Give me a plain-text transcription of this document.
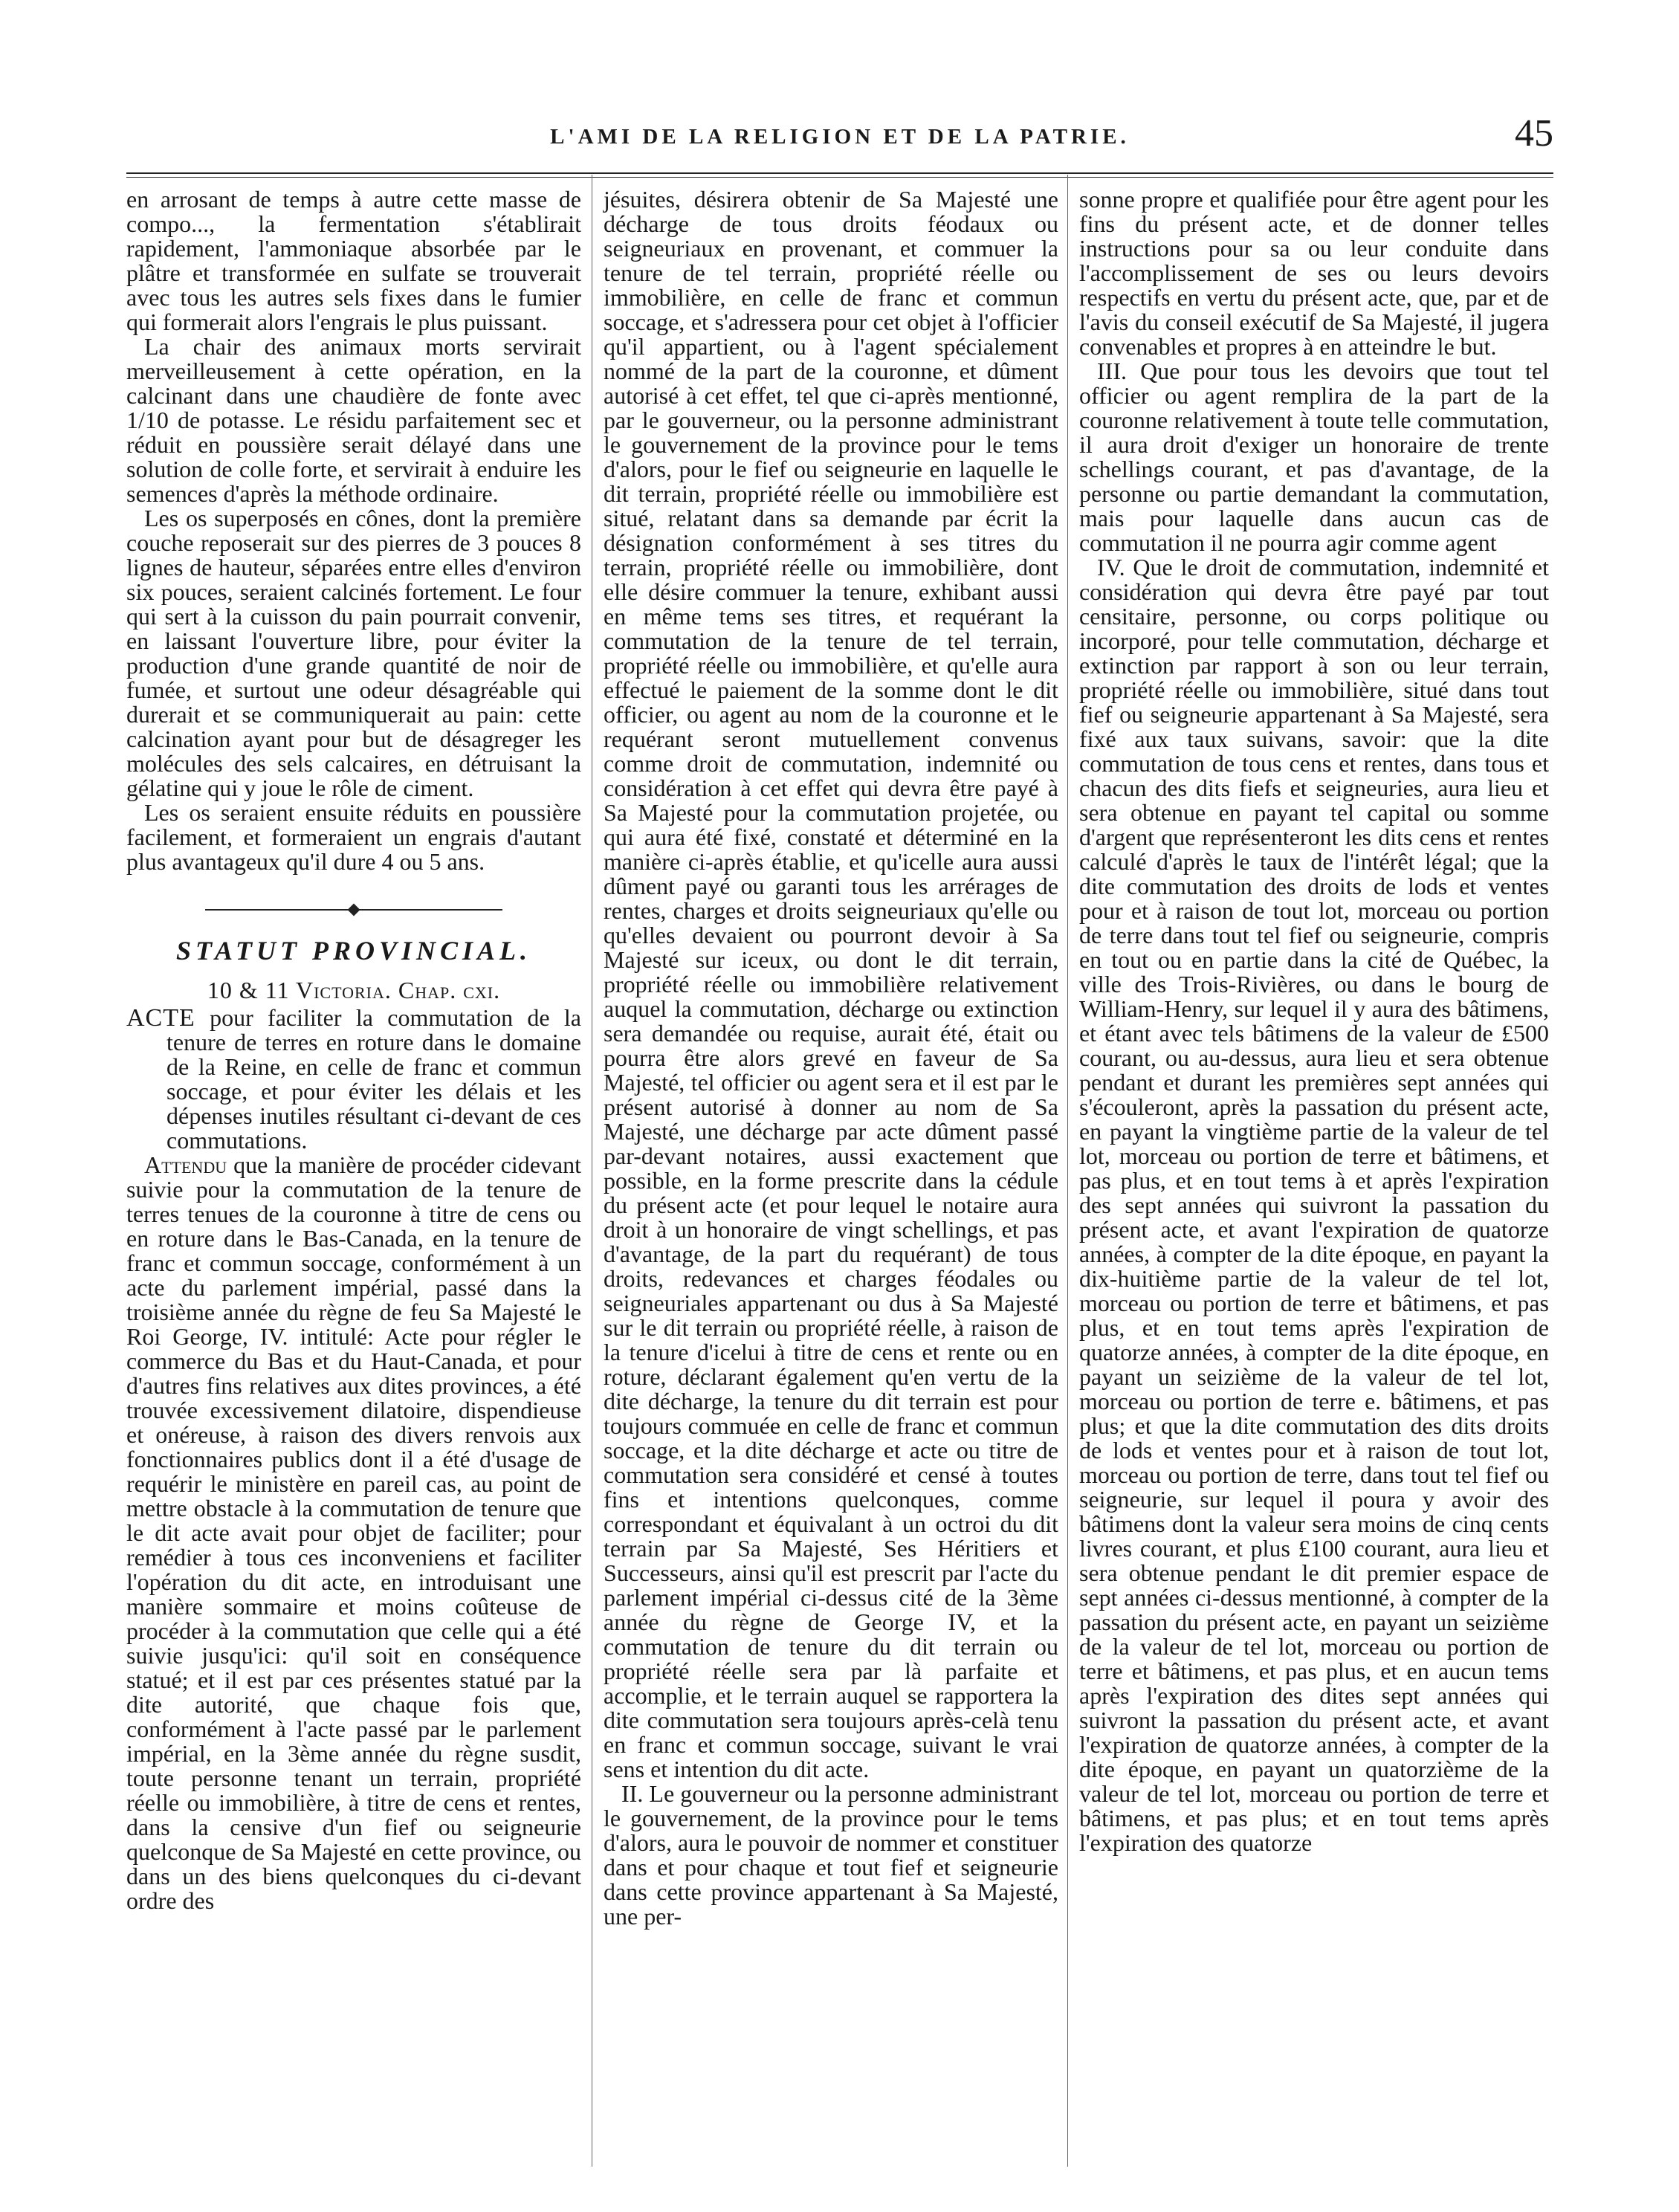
L'AMI DE LA RELIGION ET DE LA PATRIE.	45

en arrosant de temps à autre cette masse de compo..., la fermentation s'établirait rapidement, l'ammoniaque absorbée par le plâtre et transformée en sulfate se trouverait avec tous les autres sels fixes dans le fumier qui formerait alors l'engrais le plus puissant.

La chair des animaux morts servirait merveilleusement à cette opération, en la calcinant dans une chaudière de fonte avec 1/10 de potasse. Le résidu parfaitement sec et réduit en poussière serait délayé dans une solution de colle forte, et servirait à enduire les semences d'après la méthode ordinaire.

Les os superposés en cônes, dont la première couche reposerait sur des pierres de 3 pouces 8 lignes de hauteur, séparées entre elles d'environ six pouces, seraient calcinés fortement. Le four qui sert à la cuisson du pain pourrait convenir, en laissant l'ouverture libre, pour éviter la production d'une grande quantité de noir de fumée, et surtout une odeur désagréable qui durerait et se communiquerait au pain: cette calcination ayant pour but de désagreger les molécules des sels calcaires, en détruisant la gélatine qui y joue le rôle de ciment.

Les os seraient ensuite réduits en poussière facilement, et formeraient un engrais d'autant plus avantageux qu'il dure 4 ou 5 ans.

STATUT PROVINCIAL.
10 & 11 Victoria. Chap. cxi.

ACTE pour faciliter la commutation de la tenure de terres en roture dans le domaine de la Reine, en celle de franc et commun soccage, et pour éviter les délais et les dépenses inutiles résultant ci-devant de ces commutations.

Attendu que la manière de procéder cidevant suivie pour la commutation de la tenure de terres tenues de la couronne à titre de cens ou en roture dans le Bas-Canada, en la tenure de franc et commun soccage, conformément à un acte du parlement impérial, passé dans la troisième année du règne de feu Sa Majesté le Roi George, IV. intitulé: Acte pour régler le commerce du Bas et du Haut-Canada, et pour d'autres fins relatives aux dites provinces, a été trouvée excessivement dilatoire, dispendieuse et onéreuse, à raison des divers renvois aux fonctionnaires publics dont il a été d'usage de requérir le ministère en pareil cas, au point de mettre obstacle à la commutation de tenure que le dit acte avait pour objet de faciliter; pour remédier à tous ces inconveniens et faciliter l'opération du dit acte, en introduisant une manière sommaire et moins coûteuse de procéder à la commutation que celle qui a été suivie jusqu'ici: qu'il soit en conséquence statué; et il est par ces présentes statué par la dite autorité, que chaque fois que, conformément à l'acte passé par le parlement impérial, en la 3ème année du règne susdit, toute personne tenant un terrain, propriété réelle ou immobilière, à titre de cens et rentes, dans la censive d'un fief ou seigneurie quelconque de Sa Majesté en cette province, ou dans un des biens quelconques du ci-devant ordre des

jésuites, désirera obtenir de Sa Majesté une décharge de tous droits féodaux ou seigneuriaux en provenant, et commuer la tenure de tel terrain, propriété réelle ou immobilière, en celle de franc et commun soccage, et s'adressera pour cet objet à l'officier qu'il appartient, ou à l'agent spécialement nommé de la part de la couronne, et dûment autorisé à cet effet, tel que ci-après mentionné, par le gouverneur, ou la personne administrant le gouvernement de la province pour le tems d'alors, pour le fief ou seigneurie en laquelle le dit terrain, propriété réelle ou immobilière est situé, relatant dans sa demande par écrit la désignation conformément à ses titres du terrain, propriété réelle ou immobilière, dont elle désire commuer la tenure, exhibant aussi en même tems ses titres, et requérant la commutation de la tenure de tel terrain, propriété réelle ou immobilière, et qu'elle aura effectué le paiement de la somme dont le dit officier, ou agent au nom de la couronne et le requérant seront mutuellement convenus comme droit de commutation, indemnité ou considération à cet effet qui devra être payé à Sa Majesté pour la commutation projetée, ou qui aura été fixé, constaté et déterminé en la manière ci-après établie, et qu'icelle aura aussi dûment payé ou garanti tous les arrérages de rentes, charges et droits seigneuriaux qu'elle ou qu'elles devaient ou pourront devoir à Sa Majesté sur iceux, ou dont le dit terrain, propriété réelle ou immobilière relativement auquel la commutation, décharge ou extinction sera demandée ou requise, aurait été, était ou pourra être alors grevé en faveur de Sa Majesté, tel officier ou agent sera et il est par le présent autorisé à donner au nom de Sa Majesté, une décharge par acte dûment passé par-devant notaires, aussi exactement que possible, en la forme prescrite dans la cédule du présent acte (et pour lequel le notaire aura droit à un honoraire de vingt schellings, et pas d'avantage, de la part du requérant) de tous droits, redevances et charges féodales ou seigneuriales appartenant ou dus à Sa Majesté sur le dit terrain ou propriété réelle, à raison de la tenure d'icelui à titre de cens et rente ou en roture, déclarant également qu'en vertu de la dite décharge, la tenure du dit terrain est pour toujours commuée en celle de franc et commun soccage, et la dite décharge et acte ou titre de commutation sera considéré et censé à toutes fins et intentions quelconques, comme correspondant et équivalant à un octroi du dit terrain par Sa Majesté, Ses Héritiers et Successeurs, ainsi qu'il est prescrit par l'acte du parlement impérial ci-dessus cité de la 3ème année du règne de George IV, et la commutation de tenure du dit terrain ou propriété réelle sera par là parfaite et accomplie, et le terrain auquel se rapportera la dite commutation sera toujours après-celà tenu en franc et commun soccage, suivant le vrai sens et intention du dit acte.

II. Le gouverneur ou la personne administrant le gouvernement, de la province pour le tems d'alors, aura le pouvoir de nommer et constituer dans et pour chaque et tout fief et seigneurie dans cette province appartenant à Sa Majesté, une per-

sonne propre et qualifiée pour être agent pour les fins du présent acte, et de donner telles instructions pour sa ou leur conduite dans l'accomplissement de ses ou leurs devoirs respectifs en vertu du présent acte, que, par et de l'avis du conseil exécutif de Sa Majesté, il jugera convenables et propres à en atteindre le but.

III. Que pour tous les devoirs que tout tel officier ou agent remplira de la part de la couronne relativement à toute telle commutation, il aura droit d'exiger un honoraire de trente schellings courant, et pas d'avantage, de la personne ou partie demandant la commutation, mais pour laquelle dans aucun cas de commutation il ne pourra agir comme agent

IV. Que le droit de commutation, indemnité et considération qui devra être payé par tout censitaire, personne, ou corps politique ou incorporé, pour telle commutation, décharge et extinction par rapport à son ou leur terrain, propriété réelle ou immobilière, situé dans tout fief ou seigneurie appartenant à Sa Majesté, sera fixé aux taux suivans, savoir: que la dite commutation de tous cens et rentes, dans tous et chacun des dits fiefs et seigneuries, aura lieu et sera obtenue en payant tel capital ou somme d'argent que représenteront les dits cens et rentes calculé d'après le taux de l'intérêt légal; que la dite commutation des droits de lods et ventes pour et à raison de tout lot, morceau ou portion de terre dans tout tel fief ou seigneurie, compris en tout ou en partie dans la cité de Québec, la ville des Trois-Rivières, ou dans le bourg de William-Henry, sur lequel il y aura des bâtimens, et étant avec tels bâtimens de la valeur de £500 courant, ou au-dessus, aura lieu et sera obtenue pendant et durant les premières sept années qui s'écouleront, après la passation du présent acte, en payant la vingtième partie de la valeur de tel lot, morceau ou portion de terre et bâtimens, et pas plus, et en tout tems à et après l'expiration des sept années qui suivront la passation du présent acte, et avant l'expiration de quatorze années, à compter de la dite époque, en payant la dix-huitième partie de la valeur de tel lot, morceau ou portion de terre et bâtimens, et pas plus, et en tout tems après l'expiration de quatorze années, à compter de la dite époque, en payant un seizième de la valeur de tel lot, morceau ou portion de terre e. bâtimens, et pas plus; et que la dite commutation des dits droits de lods et ventes pour et à raison de tout lot, morceau ou portion de terre, dans tout tel fief ou seigneurie, sur lequel il poura y avoir des bâtimens dont la valeur sera moins de cinq cents livres courant, et plus £100 courant, aura lieu et sera obtenue pendant le dit premier espace de sept années ci-dessus mentionné, à compter de la passation du présent acte, en payant un seizième de la valeur de tel lot, morceau ou portion de terre et bâtimens, et pas plus, et en aucun tems après l'expiration des dites sept années qui suivront la passation du présent acte, et avant l'expiration de quatorze années, à compter de la dite époque, en payant un quatorzième de la valeur de tel lot, morceau ou portion de terre et bâtimens, et pas plus; et en tout tems après l'expiration des quatorze
